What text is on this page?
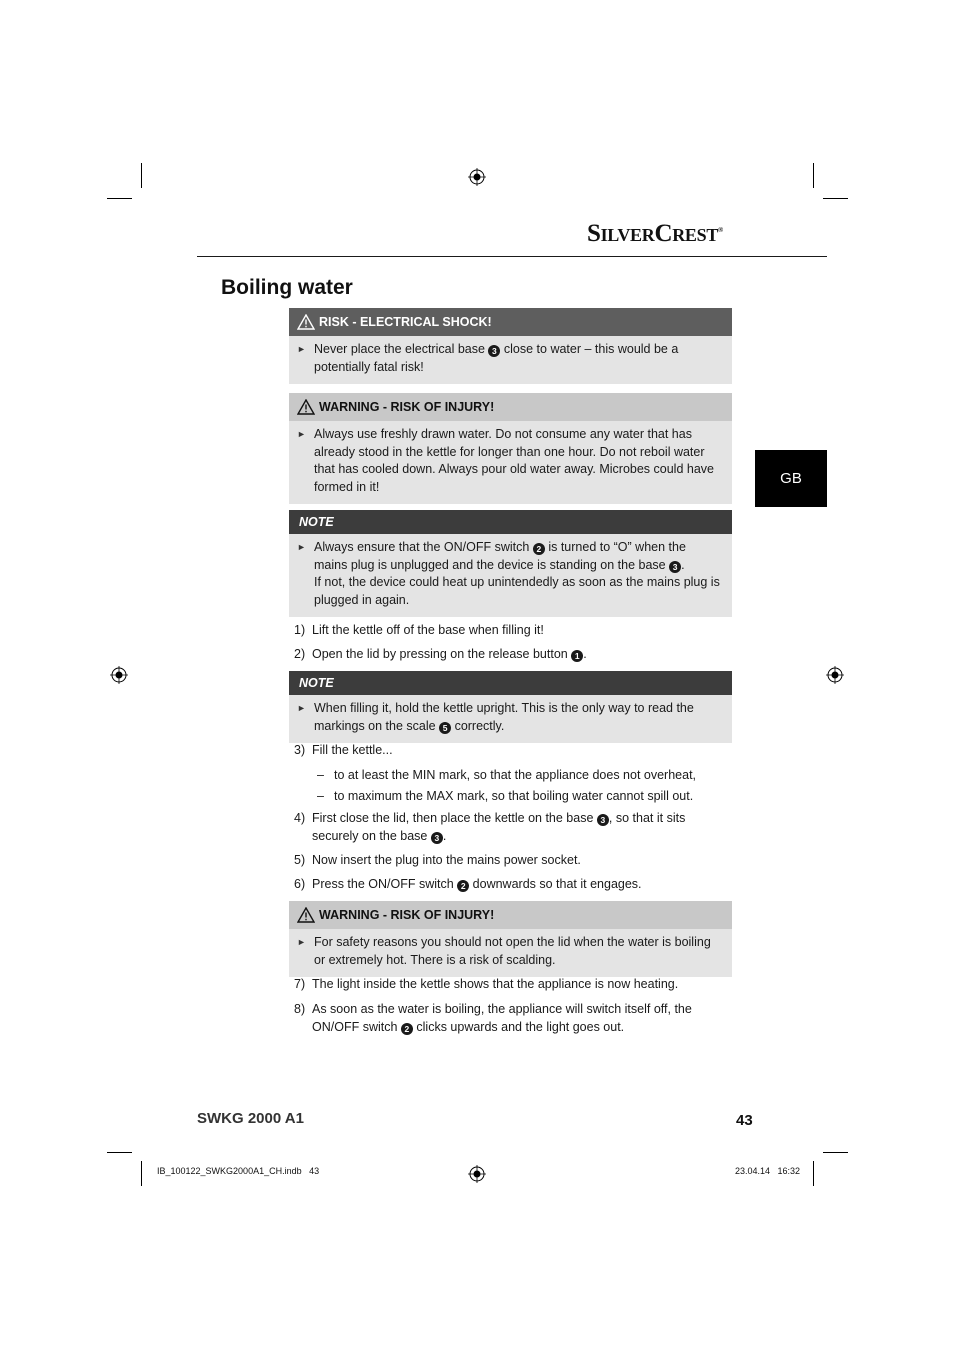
SilverCrest®
Boiling water
GB
RISK - ELECTRICAL SHOCK!
► Never place the electrical base 3 close to water – this would be a potentially fatal risk!
WARNING - RISK OF INJURY!
► Always use freshly drawn water. Do not consume any water that has already stood in the kettle for longer than one hour. Do not reboil water that has cooled down. Always pour old water away. Microbes could have formed in it!
NOTE
► Always ensure that the ON/OFF switch 2 is turned to “O” when the mains plug is unplugged and the device is standing on the base 3 .
If not, the device could heat up unintendedly as soon as the mains plug is plugged in again.
1) Lift the kettle off of the base when filling it!
2) Open the lid by pressing on the release button 1 .
NOTE
► When filling it, hold the kettle upright. This is the only way to read the markings on the scale 5 correctly.
3) Fill the kettle...
– to at least the MIN mark, so that the appliance does not overheat,
– to maximum the MAX mark, so that boiling water cannot spill out.
4) First close the lid, then place the kettle on the base 3 , so that it sits securely on the base 3 .
5) Now insert the plug into the mains power socket.
6) Press the ON/OFF switch 2 downwards so that it engages.
WARNING - RISK OF INJURY!
► For safety reasons you should not open the lid when the water is boiling or extremely hot. There is a risk of scalding.
7) The light inside the kettle shows that the appliance is now heating.
8) As soon as the water is boiling, the appliance will switch itself off, the ON/OFF switch 2 clicks upwards and the light goes out.
SWKG 2000 A1	43
IB_100122_SWKG2000A1_CH.indb   43	23.04.14   16:32
